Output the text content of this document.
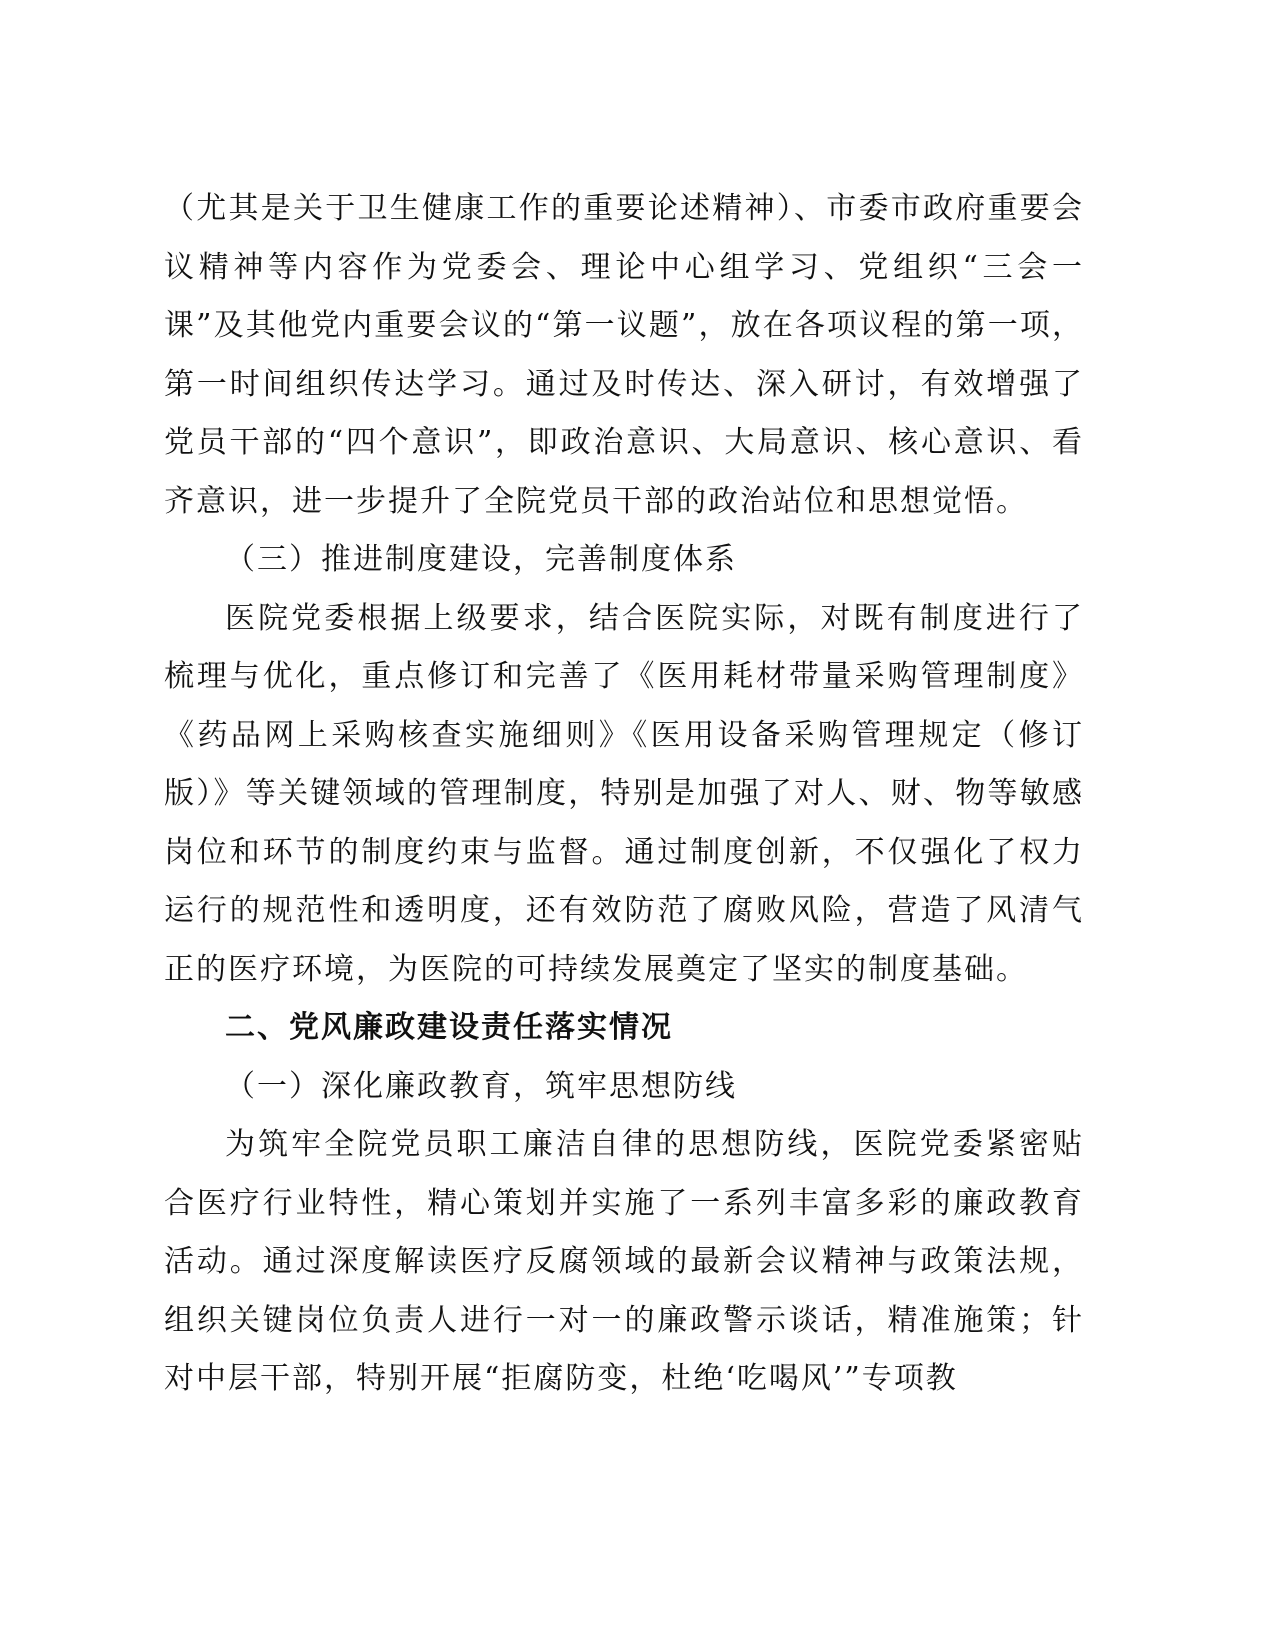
（尤其是关于卫生健康工作的重要论述精神）、市委市政府重要会议精神等内容作为党委会、理论中心组学习、党组织“三会一课”及其他党内重要会议的“第一议题”，放在各项议程的第一项，第一时间组织传达学习。通过及时传达、深入研讨，有效增强了党员干部的“四个意识”，即政治意识、大局意识、核心意识、看齐意识，进一步提升了全院党员干部的政治站位和思想觉悟。

（三）推进制度建设，完善制度体系

医院党委根据上级要求，结合医院实际，对既有制度进行了梳理与优化，重点修订和完善了《医用耗材带量采购管理制度》《药品网上采购核查实施细则》《医用设备采购管理规定（修订版）》等关键领域的管理制度，特别是加强了对人、财、物等敏感岗位和环节的制度约束与监督。通过制度创新，不仅强化了权力运行的规范性和透明度，还有效防范了腐败风险，营造了风清气正的医疗环境，为医院的可持续发展奠定了坚实的制度基础。

二、党风廉政建设责任落实情况

（一）深化廉政教育，筑牢思想防线

为筑牢全院党员职工廉洁自律的思想防线，医院党委紧密贴合医疗行业特性，精心策划并实施了一系列丰富多彩的廉政教育活动。通过深度解读医疗反腐领域的最新会议精神与政策法规，组织关键岗位负责人进行一对一的廉政警示谈话，精准施策；针对中层干部，特别开展“拒腐防变，杜绝‘吃喝风’”专项教
